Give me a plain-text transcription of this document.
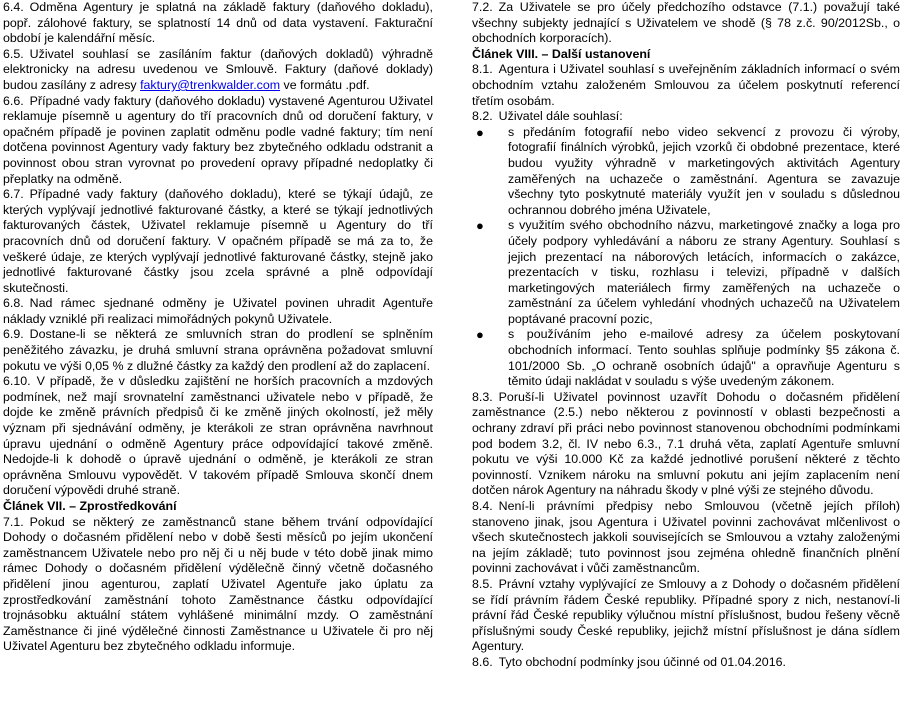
6.4. Odměna Agentury je splatná na základě faktury (daňového dokladu), popř. zálohové faktury, se splatností 14 dnů od data vystavení. Fakturační období je kalendářní měsíc.

6.5. Uživatel souhlasí se zasíláním faktur (daňových dokladů) výhradně elektronicky na adresu uvedenou ve Smlouvě. Faktury (daňové doklady) budou zasílány z adresy faktury@trenkwalder.com ve formátu .pdf.

6.6. Případné vady faktury (daňového dokladu) vystavené Agenturou Uživatel reklamuje písemně u agentury do tří pracovních dnů od doručení faktury, v opačném případě je povinen zaplatit odměnu podle vadné faktury; tím není dotčena povinnost Agentury vady faktury bez zbytečného odkladu odstranit a povinnost obou stran vyrovnat po provedení opravy případné nedoplatky či přeplatky na odměně.

6.7. Případné vady faktury (daňového dokladu), které se týkají údajů, ze kterých vyplývají jednotlivé fakturované částky, a které se týkají jednotlivých fakturovaných částek, Uživatel reklamuje písemně u Agentury do tří pracovních dnů od doručení faktury. V opačném případě se má za to, že veškeré údaje, ze kterých vyplývají jednotlivé fakturované částky, stejně jako jednotlivé fakturované částky jsou zcela správné a plně odpovídají skutečnosti.

6.8. Nad rámec sjednané odměny je Uživatel povinen uhradit Agentuře náklady vzniklé při realizaci mimořádných pokynů Uživatele.

6.9. Dostane-li se některá ze smluvních stran do prodlení se splněním peněžitého závazku, je druhá smluvní strana oprávněna požadovat smluvní pokutu ve výši 0,05 % z dlužné částky za každý den prodlení až do zaplacení.

6.10. V případě, že v důsledku zajištění ne horších pracovních a mzdových podmínek, než mají srovnatelní zaměstnanci uživatele nebo v případě, že dojde ke změně právních předpisů či ke změně jiných okolností, jež měly význam při sjednávání odměny, je kterákoli ze stran oprávněna navrhnout úpravu ujednání o odměně Agentury práce odpovídající takové změně. Nedojde-li k dohodě o úpravě ujednání o odměně, je kterákoli ze stran oprávněna Smlouvu vypovědět. V takovém případě Smlouva skončí dnem doručení výpovědi druhé straně.

Článek VII. – Zprostředkování

7.1. Pokud se některý ze zaměstnanců stane během trvání odpovídající Dohody o dočasném přidělení nebo v době šesti měsíců po jejím ukončení zaměstnancem Uživatele nebo pro něj či u něj bude v této době jinak mimo rámec Dohody o dočasném přidělení výdělečně činný včetně dočasného přidělení jinou agenturou, zaplatí Uživatel Agentuře jako úplatu za zprostředkování zaměstnání tohoto Zaměstnance částku odpovídající trojnásobku aktuální státem vyhlášené minimální mzdy. O zaměstnání Zaměstnance či jiné výdělečné činnosti Zaměstnance u Uživatele či pro něj Uživatel Agenturu bez zbytečného odkladu informuje.

7.2. Za Uživatele se pro účely předchozího odstavce (7.1.) považují také všechny subjekty jednající s Uživatelem ve shodě (§ 78 z.č. 90/2012Sb., o obchodních korporacích).

Článek VIII. – Další ustanovení

8.1. Agentura i Uživatel souhlasí s uveřejněním základních informací o svém obchodním vztahu založeném Smlouvou za účelem poskytnutí referencí třetím osobám.

8.2. Uživatel dále souhlasí:

● s předáním fotografií nebo video sekvencí z provozu či výroby, fotografií finálních výrobků, jejich vzorků či obdobné prezentace, které budou využity výhradně v marketingových aktivitách Agentury zaměřených na uchazeče o zaměstnání. Agentura se zavazuje všechny tyto poskytnuté materiály využít jen v souladu s důslednou ochrannou dobrého jména Uživatele,
● s využitím svého obchodního názvu, marketingové značky a loga pro účely podpory vyhledávání a náboru ze strany Agentury. Souhlasí s jejich prezentací na náborových letácích, informacích o zakázce, prezentacích v tisku, rozhlasu i televizi, případně v dalších marketingových materiálech firmy zaměřených na uchazeče o zaměstnání za účelem vyhledání vhodných uchazečů na Uživatelem poptávané pracovní pozic,
● s používáním jeho e-mailové adresy za účelem poskytovaní obchodních informací. Tento souhlas splňuje podmínky §5 zákona č. 101/2000 Sb. „O ochraně osobních údajů" a opravňuje Agenturu s těmito údaji nakládat v souladu s výše uvedeným zákonem.

8.3. Poruší-li Uživatel povinnost uzavřít Dohodu o dočasném přidělení zaměstnance (2.5.) nebo některou z povinností v oblasti bezpečnosti a ochrany zdraví při práci nebo povinnost stanovenou obchodními podmínkami pod bodem 3.2, čl. IV nebo 6.3., 7.1 druhá věta, zaplatí Agentuře smluvní pokutu ve výši 10.000 Kč za každé jednotlivé porušení některé z těchto povinností. Vznikem nároku na smluvní pokutu ani jejím zaplacením není dotčen nárok Agentury na náhradu škody v plné výši ze stejného důvodu.

8.4. Není-li právními předpisy nebo Smlouvou (včetně jejích příloh) stanoveno jinak, jsou Agentura i Uživatel povinni zachovávat mlčenlivost o všech skutečnostech jakkoli souvisejících se Smlouvou a vztahy založenými na jejím základě; tuto povinnost jsou zejména ohledně finančních plnění povinni zachovávat i vůči zaměstnancům.

8.5. Právní vztahy vyplývající ze Smlouvy a z Dohody o dočasném přidělení se řídí právním řádem České republiky. Případné spory z nich, nestanoví-li právní řád České republiky výlučnou místní příslušnost, budou řešeny věcně příslušnými soudy České republiky, jejichž místní příslušnost je dána sídlem Agentury.

8.6. Tyto obchodní podmínky jsou účinné od 01.04.2016.
